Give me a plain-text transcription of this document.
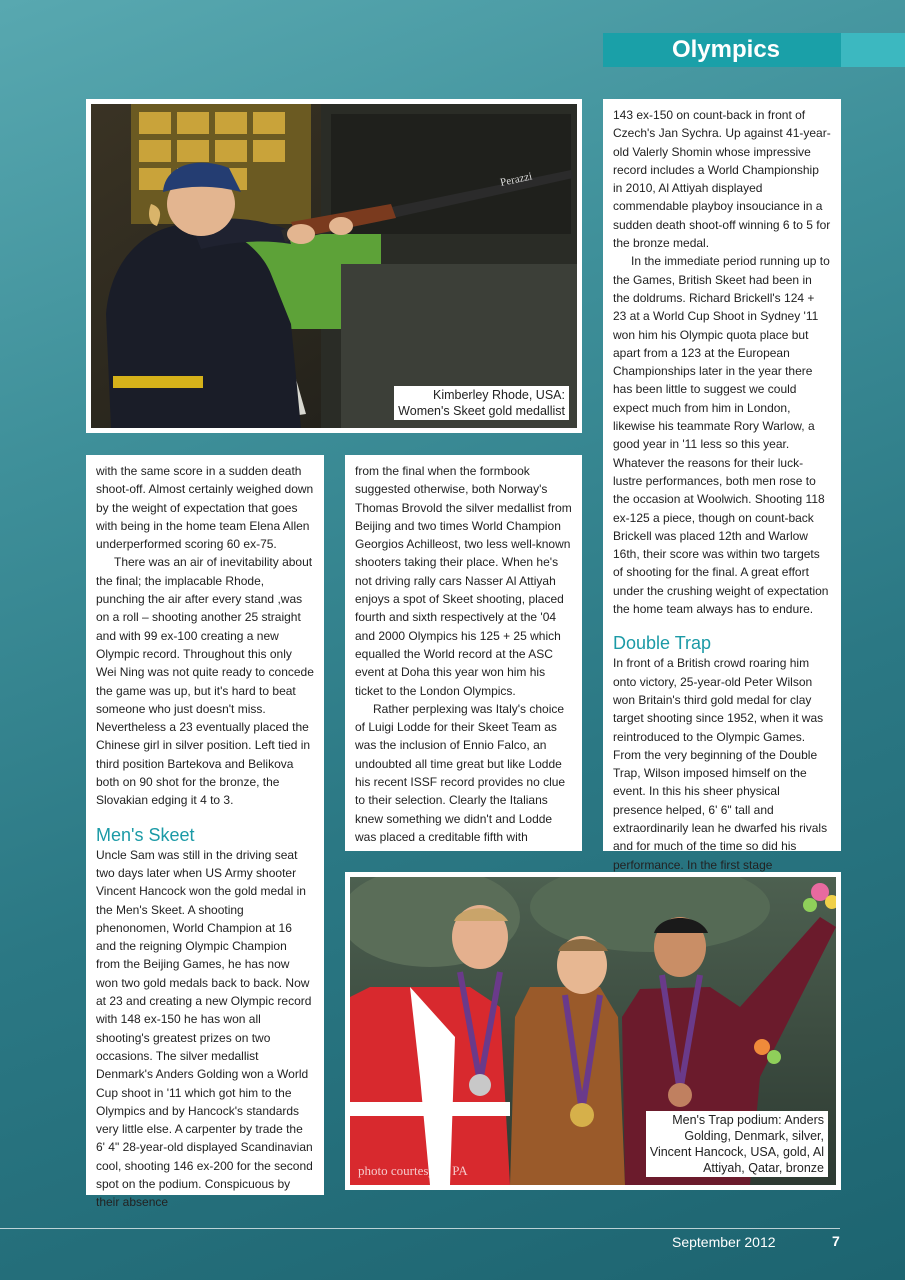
Olympics
Perazzi
Kimberley Rhode, USA:
Women's Skeet gold medallist

with the same score in a sudden death shoot-off. Almost certainly weighed down by the weight of expectation that goes with being in the home team Elena Allen underperformed scoring 60 ex-75.

There was an air of inevitability about the final; the implacable Rhode, punching the air after every stand ,was on a roll – shooting another 25 straight and with 99 ex-100 creating a new Olympic record. Throughout this only Wei Ning was not quite ready to concede the game was up, but it's hard to beat someone who just doesn't miss. Nevertheless a 23 eventually placed the Chinese girl in silver position. Left tied in third position Bartekova and Belikova both on 90 shot for the bronze, the Slovakian edging it 4 to 3.

Men's Skeet

Uncle Sam was still in the driving seat two days later when US Army shooter Vincent Hancock won the gold medal in the Men's Skeet. A shooting phenonomen, World Champion at 16 and the reigning Olympic Champion from the Beijing Games, he has now won two gold medals back to back. Now at 23 and creating a new Olympic record with 148 ex-150 he has won all shooting's greatest prizes on two occasions. The silver medallist Denmark's Anders Golding won a World Cup shoot in '11 which got him to the Olympics and by Hancock's standards very little else. A carpenter by trade the 6' 4" 28-year-old displayed Scandinavian cool, shooting 146 ex-200 for the second spot on the podium. Conspicuous by their absence

from the final when the formbook suggested otherwise, both Norway's Thomas Brovold the silver medallist from Beijing and two times World Champion Georgios Achilleost, two less well-known shooters taking their place. When he's not driving rally cars Nasser Al Attiyah enjoys a spot of Skeet shooting, placed fourth and sixth respectively at the '04 and 2000 Olympics his 125 + 25 which equalled the World record at the ASC event at Doha this year won him his ticket to the London Olympics.

Rather perplexing was Italy's choice of Luigi Lodde for their Skeet Team as was the inclusion of Ennio Falco, an undoubted all time great but like Lodde his recent ISSF record provides no clue to their selection. Clearly the Italians knew something we didn't and Lodde was placed a creditable fifth with

143 ex-150 on count-back in front of Czech's Jan Sychra. Up against 41-year-old Valerly Shomin whose impressive record includes a World Championship in 2010, Al Attiyah displayed commendable playboy insouciance in a sudden death shoot-off winning 6 to 5 for the bronze medal.

In the immediate period running up to the Games, British Skeet had been in the doldrums. Richard Brickell's 124 + 23 at a World Cup Shoot in Sydney '11 won him his Olympic quota place but apart from a 123 at the European Championships later in the year there has been little to suggest we could expect much from him in London, likewise his teammate Rory Warlow, a good year in '11 less so this year. Whatever the reasons for their luck-lustre performances, both men rose to the occasion at Woolwich. Shooting 118 ex-125 a piece, though on count-back Brickell was placed 12th and Warlow 16th, their score was within two targets of shooting for the final. A great effort under the crushing weight of expectation the home team always has to endure.

Double Trap

In front of a British crowd roaring him onto victory, 25-year-old Peter Wilson won Britain's third gold medal for clay target shooting since 1952, when it was reintroduced to the Olympic Games. From the very beginning of the Double Trap, Wilson imposed himself on the event. In this his sheer physical presence helped, 6' 6" tall and extraordinarily lean he dwarfed his rivals and for much of the time so did his performance. In the first stage

photo courtesy of PA
Men's Trap podium: Anders
Golding, Denmark, silver,
Vincent Hancock, USA, gold, Al
Attiyah, Qatar, bronze
September 2012	7
